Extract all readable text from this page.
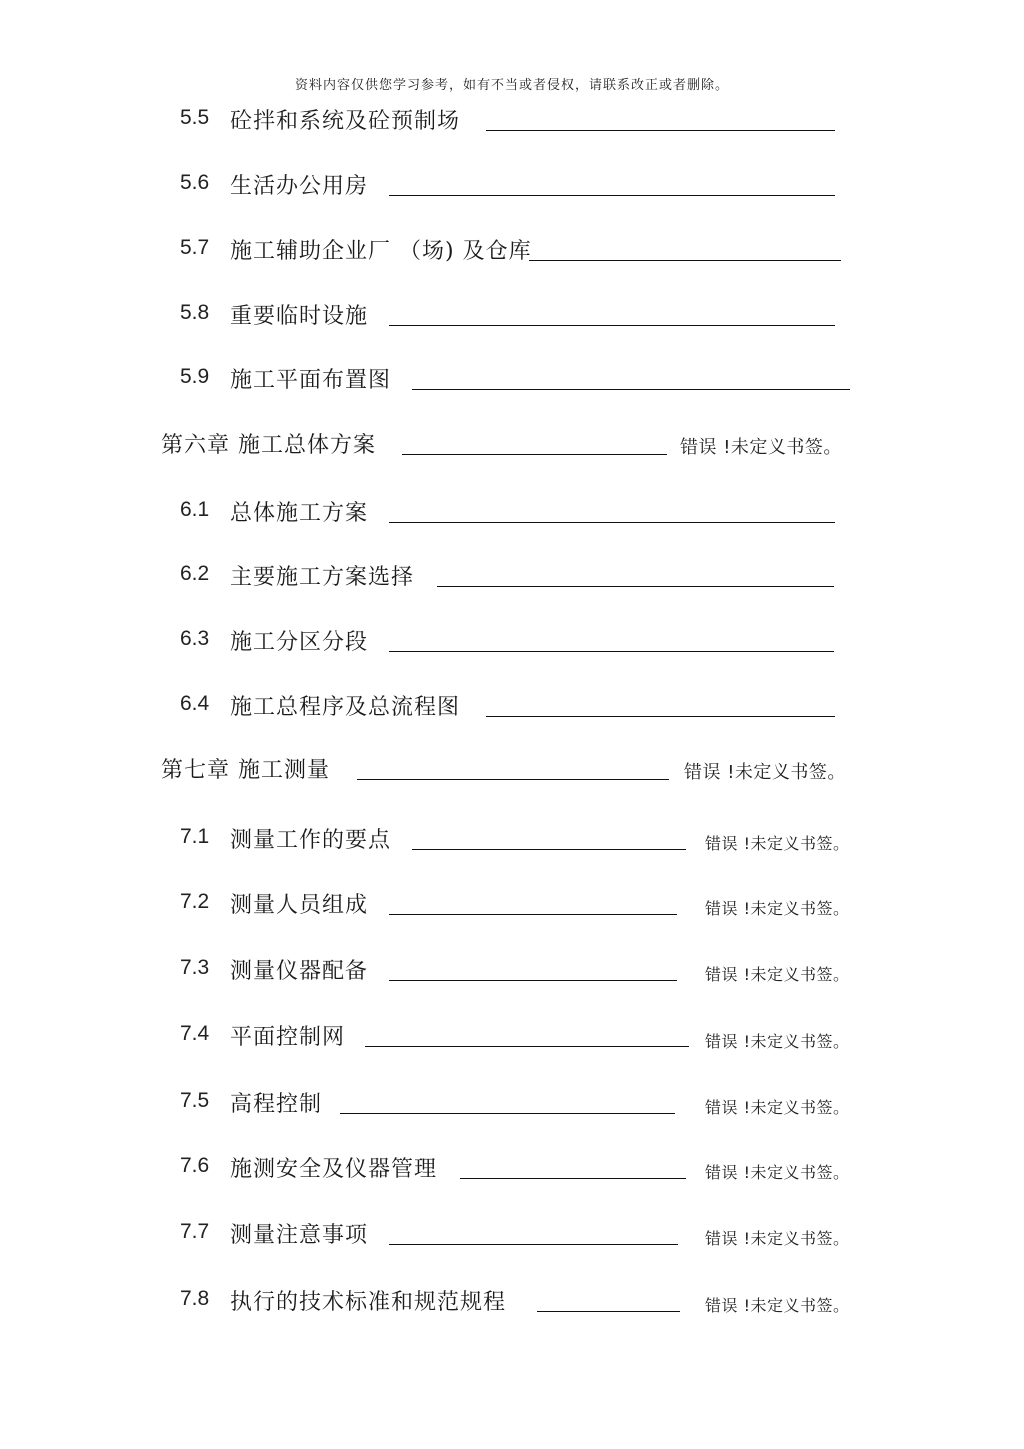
资料内容仅供您学习参考，如有不当或者侵权，请联系改正或者删除。
5.5 砼拌和系统及砼预制场
5.6 生活办公用房
5.7 施工辅助企业厂 （场) 及仓库
5.8 重要临时设施
5.9 施工平面布置图
第六章 施工总体方案	错误 !未定义书签。
6.1 总体施工方案
6.2 主要施工方案选择
6.3 施工分区分段
6.4 施工总程序及总流程图
第七章 施工测量	错误 !未定义书签。
7.1 测量工作的要点	错误 !未定义书签。
7.2 测量人员组成	错误 !未定义书签。
7.3 测量仪器配备	错误 !未定义书签。
7.4 平面控制网	错误 !未定义书签。
7.5 高程控制	错误 !未定义书签。
7.6 施测安全及仪器管理	错误 !未定义书签。
7.7 测量注意事项	错误 !未定义书签。
7.8 执行的技术标准和规范规程	错误 !未定义书签。
